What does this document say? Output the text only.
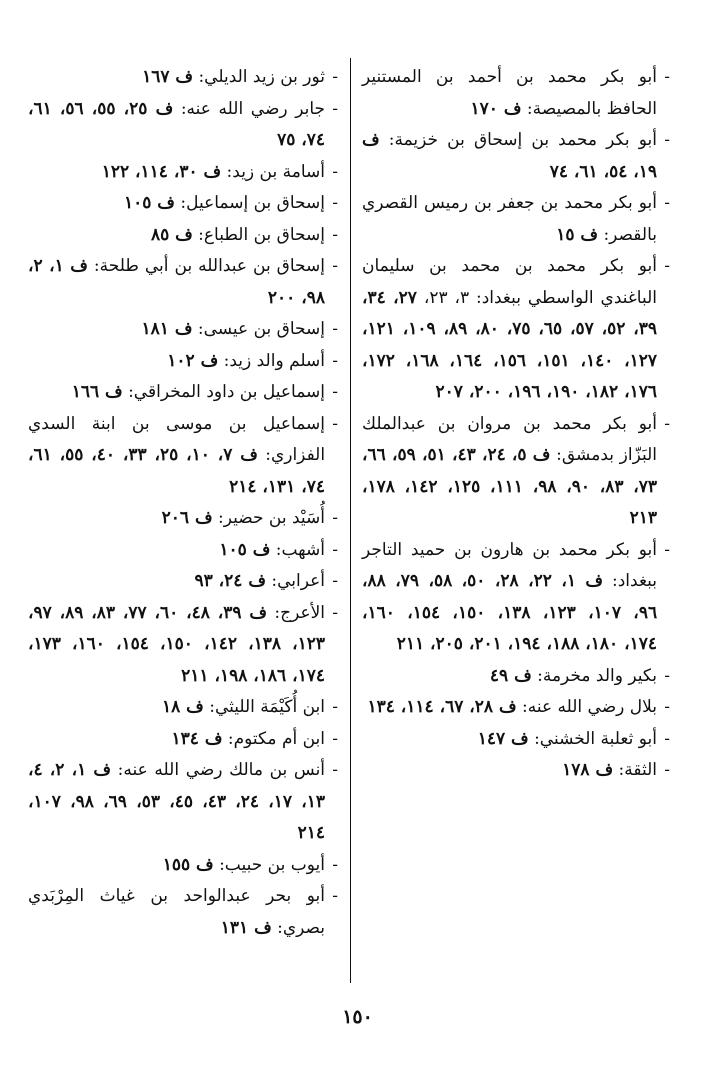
- أبو بكر محمد بن أحمد بن المستنير الحافظ بالمصيصة: ف ١٧٠
- أبو بكر محمد بن إسحاق بن خزيمة: ف ١٩، ٥٤، ٦١، ٧٤
- أبو بكر محمد بن جعفر بن رميس القصري بالقصر: ف ١٥
- أبو بكر محمد بن محمد بن سليمان الباغندي الواسطي ببغداد: ٣، ٢٣، ٢٧، ٣٤، ٣٩، ٥٢، ٥٧، ٦٥، ٧٥، ٨٠، ٨٩، ١٠٩، ١٢١، ١٢٧، ١٤٠، ١٥١، ١٥٦، ١٦٤، ١٦٨، ١٧٢، ١٧٦، ١٨٢، ١٩٠، ١٩٦، ٢٠٠، ٢٠٧
- أبو بكر محمد بن مروان بن عبدالملك البَزّاز بدمشق: ف ٥، ٢٤، ٤٣، ٥١، ٥٩، ٦٦، ٧٣، ٨٣، ٩٠، ٩٨، ١١١، ١٢٥، ١٤٢، ١٧٨، ٢١٣
- أبو بكر محمد بن هارون بن حميد التاجر ببغداد: ف ١، ٢٢، ٢٨، ٥٠، ٥٨، ٧٩، ٨٨، ٩٦، ١٠٧، ١٢٣، ١٣٨، ١٥٠، ١٥٤، ١٦٠، ١٧٤، ١٨٠، ١٨٨، ١٩٤، ٢٠١، ٢٠٥، ٢١١
- بكير والد مخرمة: ف ٤٩
- بلال رضي الله عنه: ف ٢٨، ٦٧، ١١٤، ١٣٤
- أبو ثعلبة الخشني: ف ١٤٧
- الثقة: ف ١٧٨
- ثور بن زيد الديلي: ف ١٦٧
- جابر رضي الله عنه: ف ٢٥، ٥٥، ٥٦، ٦١، ٧٤، ٧٥
- أسامة بن زيد: ف ٣٠، ١١٤، ١٢٢
- إسحاق بن إسماعيل: ف ١٠٥
- إسحاق بن الطباع: ف ٨٥
- إسحاق بن عبدالله بن أبي طلحة: ف ١، ٢، ٩٨، ٢٠٠
- إسحاق بن عيسى: ف ١٨١
- أسلم والد زيد: ف ١٠٢
- إسماعيل بن داود المخراقي: ف ١٦٦
- إسماعيل بن موسى بن ابنة السدي الفزاري: ف ٧، ١٠، ٢٥، ٣٣، ٤٠، ٥٥، ٦١، ٧٤، ١٣١، ٢١٤
- أُسَيْد بن حضير: ف ٢٠٦
- أشهب: ف ١٠٥
- أعرابي: ف ٢٤، ٩٣
- الأعرج: ف ٣٩، ٤٨، ٦٠، ٧٧، ٨٣، ٨٩، ٩٧، ١٢٣، ١٣٨، ١٤٢، ١٥٠، ١٥٤، ١٦٠، ١٧٣، ١٧٤، ١٨٦، ١٩٨، ٢١١
- ابن أُكَيْمَة الليثي: ف ١٨
- ابن أم مكتوم: ف ١٣٤
- أنس بن مالك رضي الله عنه: ف ١، ٢، ٤، ١٣، ١٧، ٢٤، ٤٣، ٤٥، ٥٣، ٦٩، ٩٨، ١٠٧، ٢١٤
- أيوب بن حبيب: ف ١٥٥
- أبو بحر عبدالواحد بن غياث المِرْبَدي بصري: ف ١٣١
١٥٠
